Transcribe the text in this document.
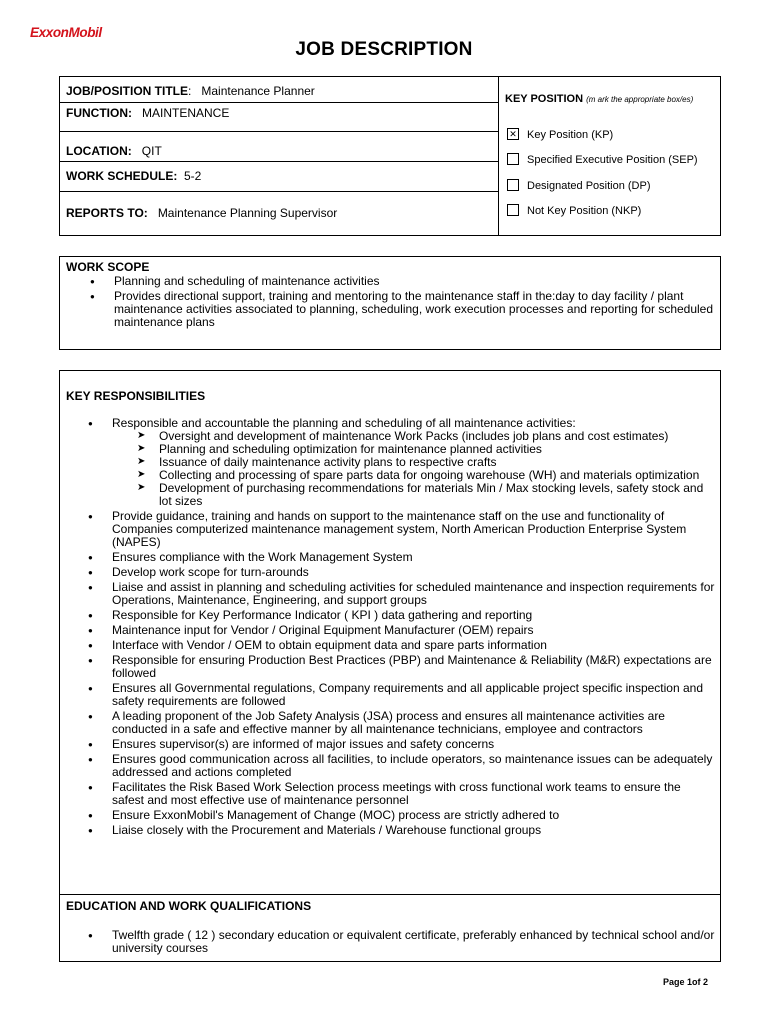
ExxonMobil
JOB DESCRIPTION
JOB/POSITION TITLE: Maintenance Planner
FUNCTION: MAINTENANCE
LOCATION: QIT
WORK SCHEDULE: 5-2
REPORTS TO: Maintenance Planning Supervisor
KEY POSITION (m ark the appropriate box/es)
✕ Key Position (KP)
Specified Executive Position (SEP)
Designated Position (DP)
Not Key Position (NKP)
WORK SCOPE
● Planning and scheduling of maintenance activities
● Provides directional support, training and mentoring to the maintenance staff in the:day to day facility / plant maintenance activities associated to planning, scheduling, work execution processes and reporting for scheduled maintenance plans
KEY RESPONSIBILITIES
● Responsible and accountable the planning and scheduling of all maintenance activities:
➤ Oversight and development of maintenance Work Packs (includes job plans and cost estimates)
➤ Planning and scheduling optimization for maintenance planned activities
➤ Issuance of daily maintenance activity plans to respective crafts
➤ Collecting and processing of spare parts data for ongoing warehouse (WH) and materials optimization
➤ Development of purchasing recommendations for materials Min / Max stocking levels, safety stock and lot sizes
● Provide guidance, training and hands on support to the maintenance staff on the use and functionality of Companies computerized maintenance management system, North American Production Enterprise System (NAPES)
● Ensures compliance with the Work Management System
● Develop work scope for turn-arounds
● Liaise and assist in planning and scheduling activities for scheduled maintenance and inspection requirements for Operations, Maintenance, Engineering, and support groups
● Responsible for Key Performance Indicator ( KPI ) data gathering and reporting
● Maintenance input for Vendor / Original Equipment Manufacturer (OEM) repairs
● Interface with Vendor / OEM to obtain equipment data and spare parts information
● Responsible for ensuring Production Best Practices (PBP) and Maintenance & Reliability (M&R) expectations are followed
● Ensures all Governmental regulations, Company requirements and all applicable project specific inspection and safety requirements are followed
● A leading proponent of the Job Safety Analysis (JSA) process and ensures all maintenance activities are conducted in a safe and effective manner by all maintenance technicians, employee and contractors
● Ensures supervisor(s) are informed of major issues and safety concerns
● Ensures good communication across all facilities, to include operators, so maintenance issues can be adequately addressed and actions completed
● Facilitates the Risk Based Work Selection process meetings with cross functional work teams to ensure the safest and most effective use of maintenance personnel
● Ensure ExxonMobil's Management of Change (MOC) process are strictly adhered to
● Liaise closely with the Procurement and Materials / Warehouse functional groups
EDUCATION AND WORK QUALIFICATIONS
● Twelfth grade ( 12 ) secondary education or equivalent certificate, preferably enhanced by technical school and/or university courses
Page 1of 2
